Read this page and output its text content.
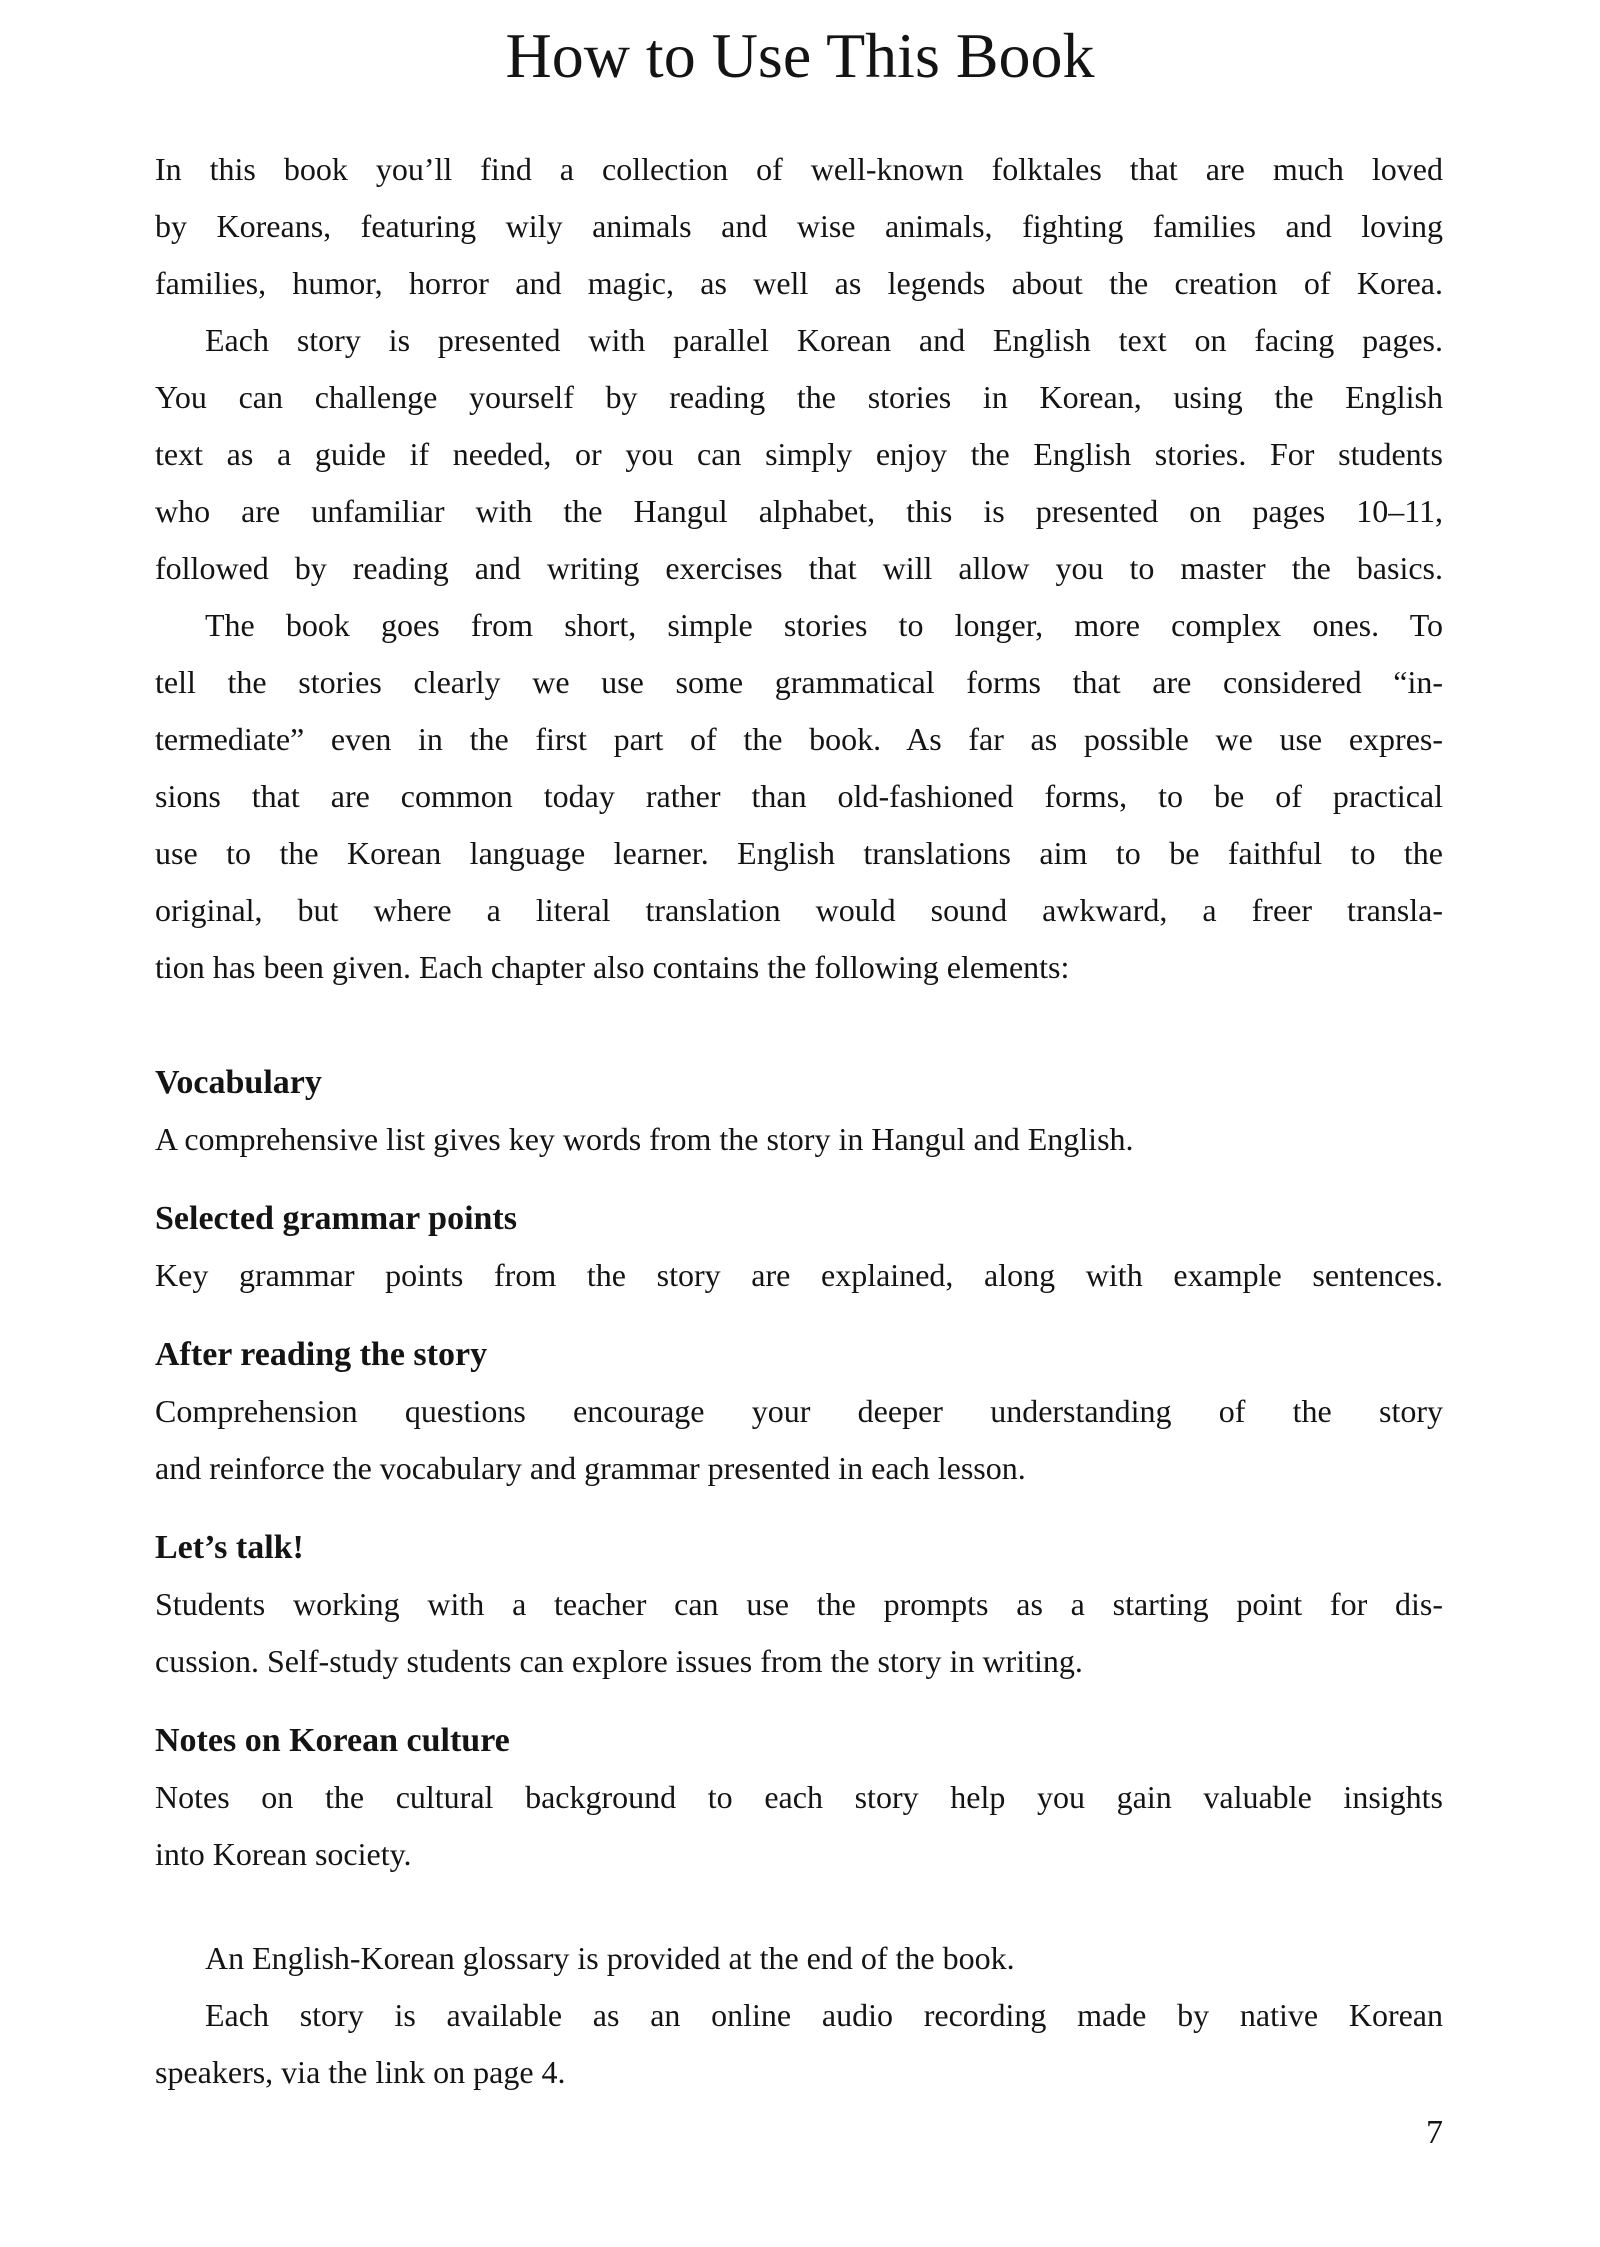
How to Use This Book
In this book you’ll find a collection of well-known folktales that are much loved
by Koreans, featuring wily animals and wise animals, fighting families and loving
families, humor, horror and magic, as well as legends about the creation of Korea.
Each story is presented with parallel Korean and English text on facing pages.
You can challenge yourself by reading the stories in Korean, using the English
text as a guide if needed, or you can simply enjoy the English stories. For students
who are unfamiliar with the Hangul alphabet, this is presented on pages 10–11,
followed by reading and writing exercises that will allow you to master the basics.
The book goes from short, simple stories to longer, more complex ones. To
tell the stories clearly we use some grammatical forms that are considered “in-
termediate” even in the first part of the book. As far as possible we use expres-
sions that are common today rather than old-fashioned forms, to be of practical
use to the Korean language learner. English translations aim to be faithful to the
original, but where a literal translation would sound awkward, a freer transla-
tion has been given. Each chapter also contains the following elements:
Vocabulary
A comprehensive list gives key words from the story in Hangul and English.
Selected grammar points
Key grammar points from the story are explained, along with example sentences.
After reading the story
Comprehension questions encourage your deeper understanding of the story
and reinforce the vocabulary and grammar presented in each lesson.
Let’s talk!
Students working with a teacher can use the prompts as a starting point for dis-
cussion. Self-study students can explore issues from the story in writing.
Notes on Korean culture
Notes on the cultural background to each story help you gain valuable insights
into Korean society.
An English-Korean glossary is provided at the end of the book.
Each story is available as an online audio recording made by native Korean
speakers, via the link on page 4.
7
